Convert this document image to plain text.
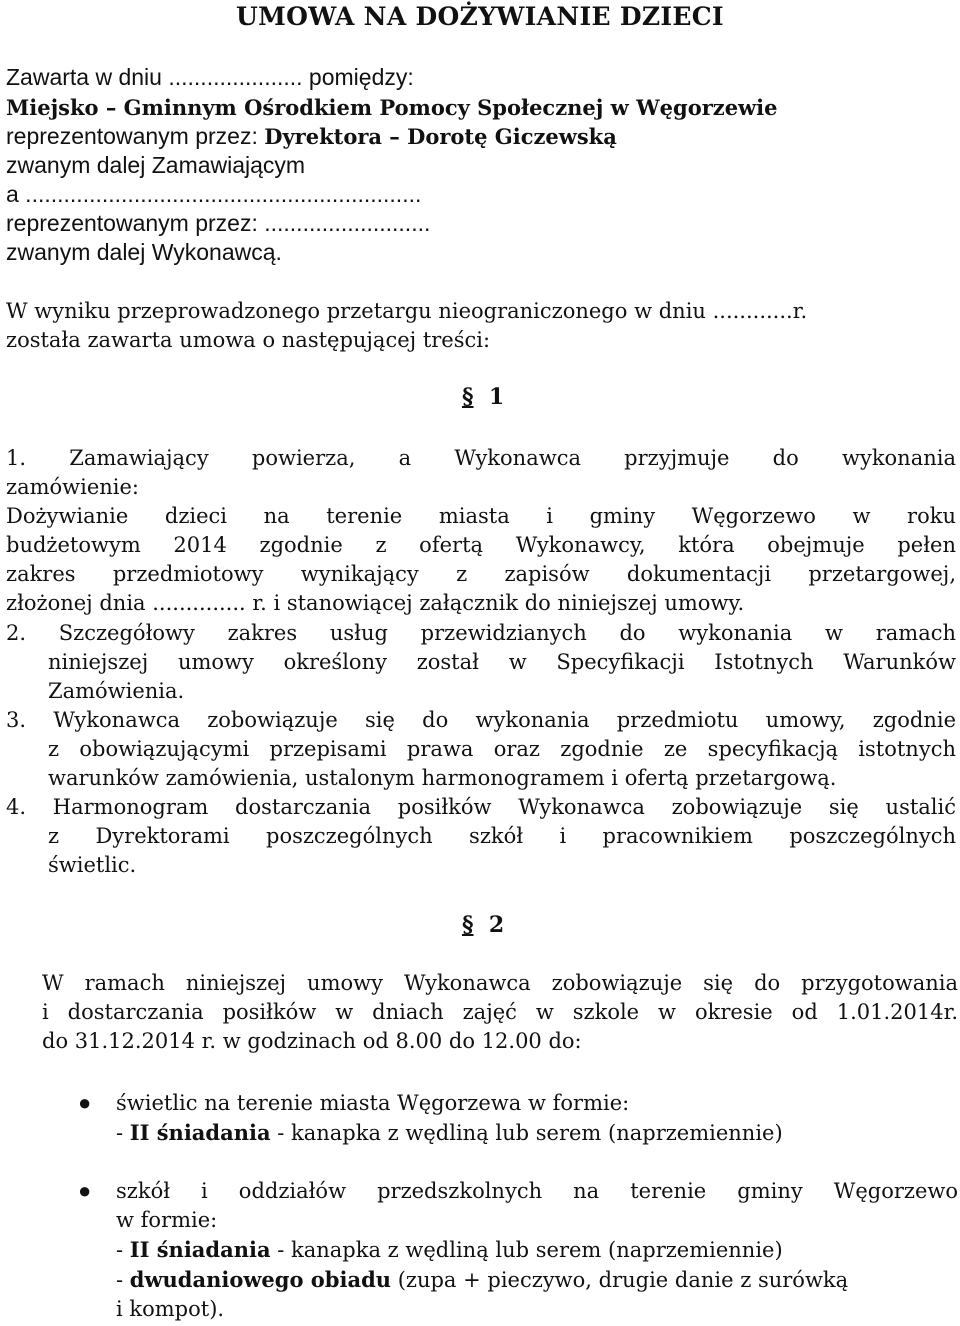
UMOWA NA DOŻYWIANIE DZIECI
Zawarta w dniu ..................... pomiędzy:
Miejsko – Gminnym Ośrodkiem Pomocy Społecznej w Węgorzewie
reprezentowanym przez: Dyrektora – Dorotę Giczewską
zwanym dalej Zamawiającym
a ..............................................................
reprezentowanym przez: ..........................
zwanym dalej Wykonawcą.
W wyniku przeprowadzonego przetargu nieograniczonego w dniu ............r.
została zawarta umowa o następującej treści:
§ 1
1. Zamawiający powierza, a Wykonawca przyjmuje do wykonania
zamówienie:
Dożywianie dzieci na terenie miasta i gminy Węgorzewo w roku
budżetowym 2014 zgodnie z ofertą Wykonawcy, która obejmuje pełen
zakres przedmiotowy wynikający z zapisów dokumentacji przetargowej,
złożonej dnia .............. r. i stanowiącej załącznik do niniejszej umowy.
2. Szczegółowy zakres usług przewidzianych do wykonania w ramach
niniejszej umowy określony został w Specyfikacji Istotnych Warunków
Zamówienia.
3. Wykonawca zobowiązuje się do wykonania przedmiotu umowy, zgodnie
z obowiązującymi przepisami prawa oraz zgodnie ze specyfikacją istotnych
warunków zamówienia, ustalonym harmonogramem i ofertą przetargową.
4. Harmonogram dostarczania posiłków Wykonawca zobowiązuje się ustalić
z Dyrektorami poszczególnych szkół i pracownikiem poszczególnych
świetlic.
§ 2
W ramach niniejszej umowy Wykonawca zobowiązuje się do przygotowania
i dostarczania posiłków w dniach zajęć w szkole w okresie od 1.01.2014r.
do 31.12.2014 r. w godzinach od 8.00 do 12.00 do:
● świetlic na terenie miasta Węgorzewa w formie:
- II śniadania - kanapka z wędliną lub serem (naprzemiennie)
● szkół i oddziałów przedszkolnych na terenie gminy Węgorzewo
w formie:
- II śniadania - kanapka z wędliną lub serem (naprzemiennie)
- dwudaniowego obiadu (zupa + pieczywo, drugie danie z surówką
i kompot).
